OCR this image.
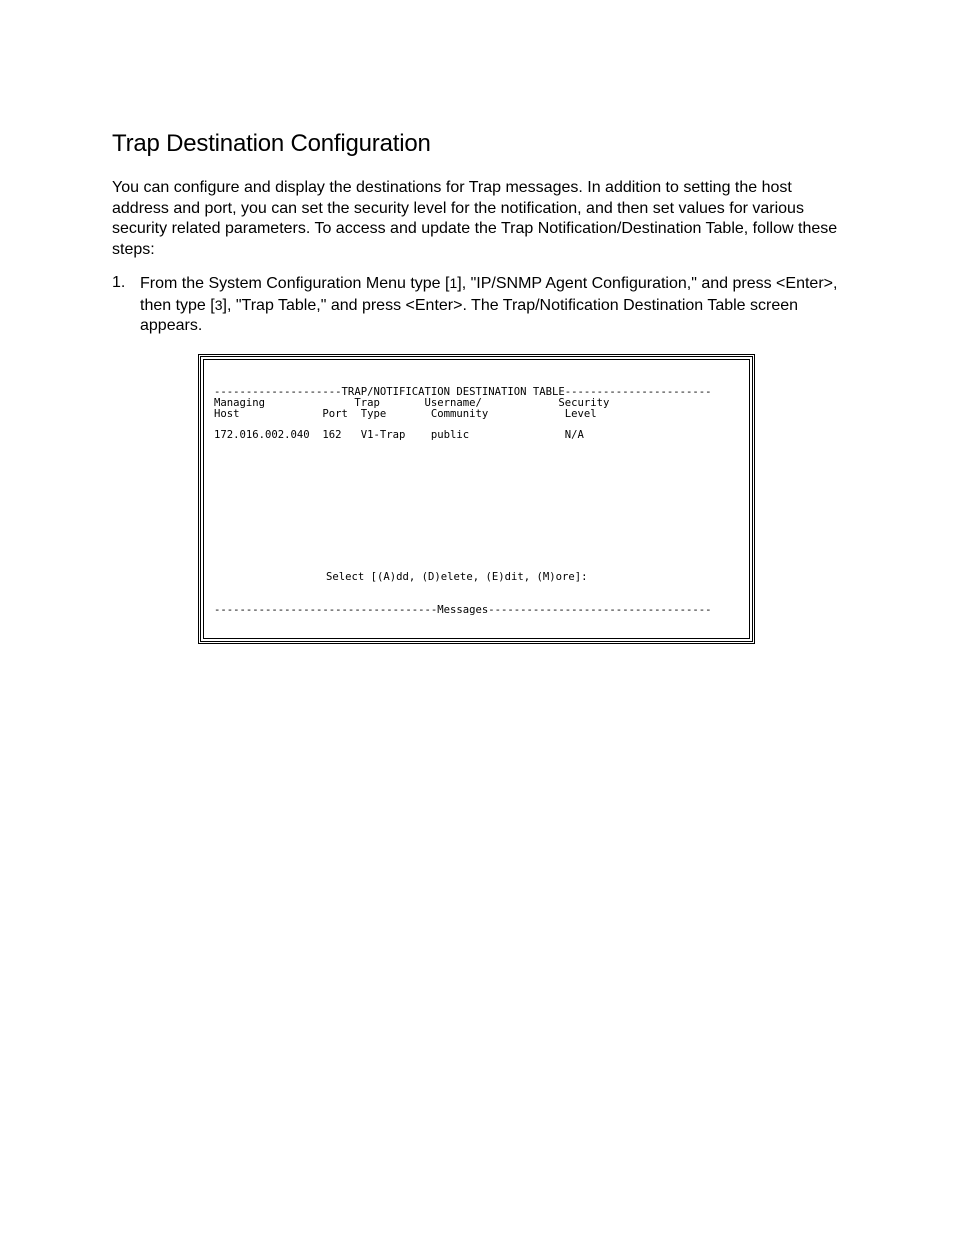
Trap Destination Configuration

You can configure and display the destinations for Trap messages. In addition to setting the host address and port, you can set the security level for the notification, and then set values for various security related parameters. To access and update the Trap Notification/Destination Table, follow these steps:

1. From the System Configuration Menu type [1], "IP/SNMP Agent Configuration," and press <Enter>, then type [3], "Trap Table," and press <Enter>. The Trap/Notification Destination Table screen appears.
--------------------TRAP/NOTIFICATION DESTINATION TABLE-----------------------
Managing              Trap       Username/            Security
Host             Port  Type       Community            Level
172.016.002.040  162   V1-Trap    public               N/A
Select [(A)dd, (D)elete, (E)dit, (M)ore]:
-----------------------------------Messages-----------------------------------
